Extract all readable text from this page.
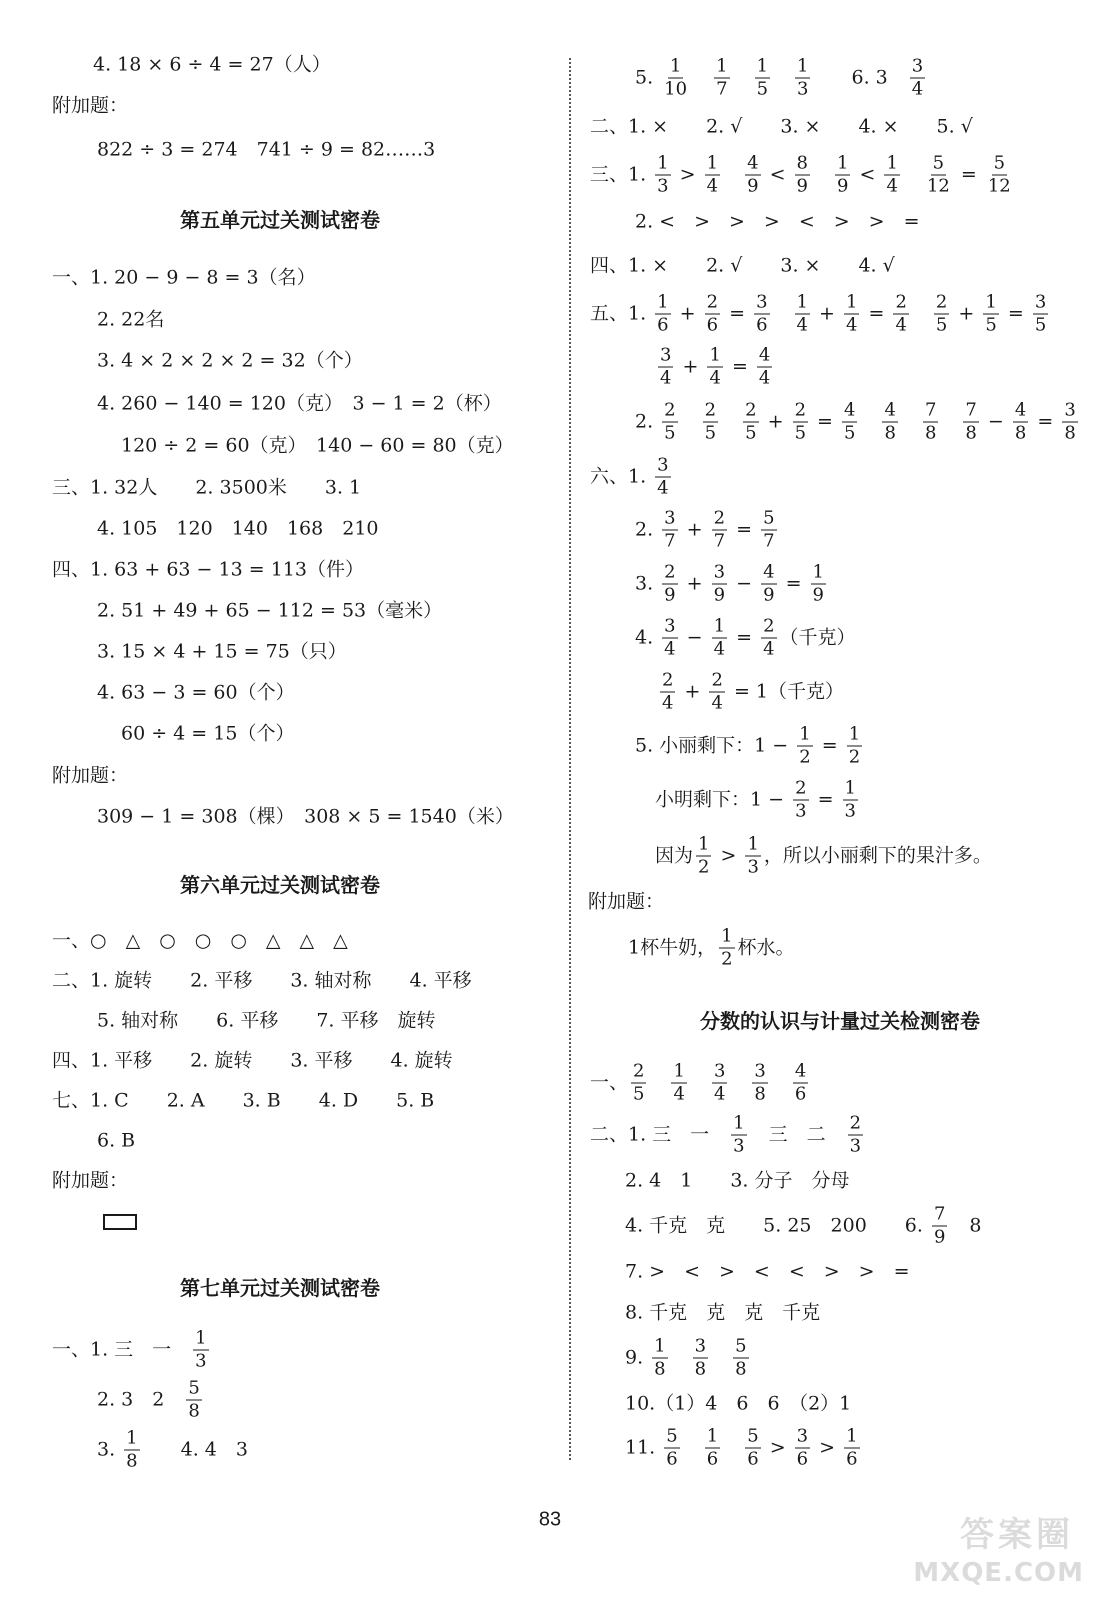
4. 18 × 6 ÷ 4 = 27（人）
附加题：
822 ÷ 3 = 274　741 ÷ 9 = 82……3
第五单元过关测试密卷
一、1. 20 − 9 − 8 = 3（名）
2. 22名
3. 4 × 2 × 2 × 2 = 32（个）
4. 260 − 140 = 120（克）　3 − 1 = 2（杯）
120 ÷ 2 = 60（克）　140 − 60 = 80（克）
三、1. 32人　　2. 3500米　　3. 1
4. 105　120　140　168　210
四、1. 63 + 63 − 13 = 113（件）
2. 51 + 49 + 65 − 112 = 53（毫米）
3. 15 × 4 + 15 = 75（只）
4. 63 − 3 = 60（个）
60 ÷ 4 = 15（个）
附加题：
309 − 1 = 308（棵）　308 × 5 = 1540（米）
第六单元过关测试密卷
一、○　△　○　○　○　△　△　△
二、1. 旋转　　2. 平移　　3. 轴对称　　4. 平移
5. 轴对称　　6. 平移　　7. 平移　旋转
四、1. 平移　　2. 旋转　　3. 平移　　4. 旋转
七、1. C　　2. A　　3. B　　4. D　　5. B
6. B
附加题：
第七单元过关测试密卷
一、1. 三　一　 $\frac{1}{3}$
2. 3　2　 $\frac{5}{8}$
3. $\frac{1}{8}$ 　　4. 4　3
5. $\frac{1}{10}$
　 $\frac{1}{7}$
　 $\frac{1}{5}$
　 $\frac{1}{3}$ 　　6. 3　 $\frac{3}{4}$
二、1. ×　　2. √　　3. ×　　4. ×　　5. √
三、1. $\frac{1}{3} > \frac{1}{4}$
　 $\frac{4}{9} < \frac{8}{9}$
　 $\frac{1}{9} < \frac{1}{4}$
　 $\frac{5}{12} = \frac{5}{12}$
2. <　>　>　>　<　>　>　=
四、1. ×　　2. √　　3. ×　　4. √
五、1. $\frac{1}{6} + \frac{2}{6} = \frac{3}{6}$
　 $\frac{1}{4} + \frac{1}{4} = \frac{2}{4}$
　 $\frac{2}{5} + \frac{1}{5} = \frac{3}{5}$
$\frac{3}{4} + \frac{1}{4} = \frac{4}{4}$
2. $\frac{2}{5}$
　 $\frac{2}{5}$
　 $\frac{2}{5} + \frac{2}{5} = \frac{4}{5}$
　 $\frac{4}{8}$
　 $\frac{7}{8}$
　 $\frac{7}{8} - \frac{4}{8} = \frac{3}{8}$
六、1. $\frac{3}{4}$
2. $\frac{3}{7} + \frac{2}{7} = \frac{5}{7}$
3. $\frac{2}{9} + \frac{3}{9} - \frac{4}{9} = \frac{1}{9}$
4. $\frac{3}{4} - \frac{1}{4} = \frac{2}{4}$ （千克）
$\frac{2}{4} + \frac{2}{4} = 1$（千克）
5. 小丽剩下：$1 - \frac{1}{2} = \frac{1}{2}$
小明剩下：$1 - \frac{2}{3} = \frac{1}{3}$
因为 $\frac{1}{2} > \frac{1}{3}$ ，所以小丽剩下的果汁多。
附加题：
1杯牛奶， $\frac{1}{2}$ 杯水。
分数的认识与计量过关检测密卷
一、 $\frac{2}{5}$
　 $\frac{1}{4}$
　 $\frac{3}{4}$
　 $\frac{3}{8}$
　 $\frac{4}{6}$
二、1. 三　一　 $\frac{1}{3}$ 　三　二　 $\frac{2}{3}$
2. 4　1　　3. 分子　分母
4. 千克　克　　5. 25　200　　6. $\frac{7}{9}$ 　8
7. >　<　>　<　<　>　>　=
8. 千克　克　克　千克
9. $\frac{1}{8}$
　 $\frac{3}{8}$
　 $\frac{5}{8}$
10.（1）4　6　6　（2）1
11. $\frac{5}{6}$
　 $\frac{1}{6}$
　 $\frac{5}{6} > \frac{3}{6} > \frac{1}{6}$
83	答案圈
MXQE.COM
